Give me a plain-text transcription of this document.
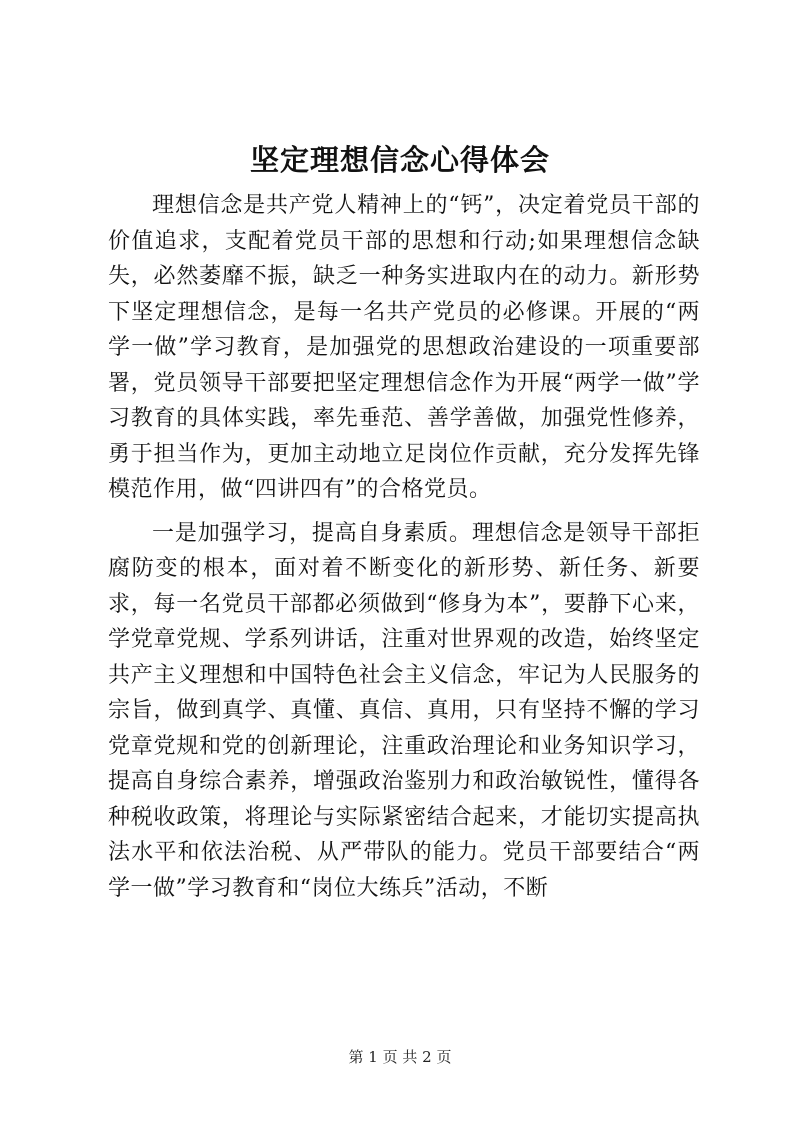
坚定理想信念心得体会

理想信念是共产党人精神上的“钙”，决定着党员干部的价值追求，支配着党员干部的思想和行动;如果理想信念缺失，必然萎靡不振，缺乏一种务实进取内在的动力。新形势下坚定理想信念，是每一名共产党员的必修课。开展的“两学一做”学习教育，是加强党的思想政治建设的一项重要部署，党员领导干部要把坚定理想信念作为开展“两学一做”学习教育的具体实践，率先垂范、善学善做，加强党性修养，勇于担当作为，更加主动地立足岗位作贡献，充分发挥先锋模范作用，做“四讲四有”的合格党员。

一是加强学习，提高自身素质。理想信念是领导干部拒腐防变的根本，面对着不断变化的新形势、新任务、新要求，每一名党员干部都必须做到“修身为本”，要静下心来，学党章党规、学系列讲话，注重对世界观的改造，始终坚定共产主义理想和中国特色社会主义信念，牢记为人民服务的宗旨，做到真学、真懂、真信、真用，只有坚持不懈的学习党章党规和党的创新理论，注重政治理论和业务知识学习，提高自身综合素养，增强政治鉴别力和政治敏锐性，懂得各种税收政策，将理论与实际紧密结合起来，才能切实提高执法水平和依法治税、从严带队的能力。党员干部要结合“两学一做”学习教育和“岗位大练兵”活动，不断

第 1 页 共 2 页
